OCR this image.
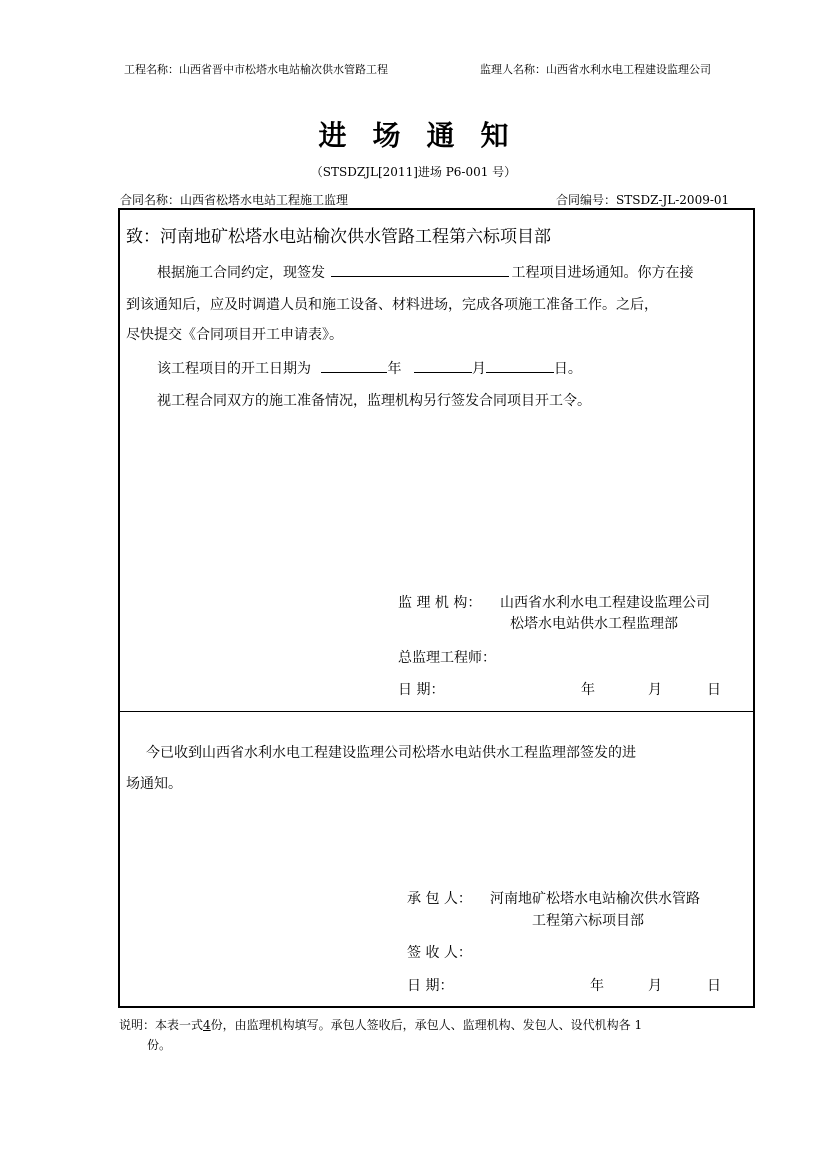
工程名称：山西省晋中市松塔水电站榆次供水管路工程	监理人名称：山西省水利水电工程建设监理公司
进场通知
（STSDZJL[2011]进场 P6-001 号）
合同名称：山西省松塔水电站工程施工监理	合同编号：STSDZ-JL-2009-01
致：河南地矿松塔水电站榆次供水管路工程第六标项目部
根据施工合同约定，现签发	工程项目进场通知。你方在接
到该通知后，应及时调遣人员和施工设备、材料进场，完成各项施工准备工作。之后，
尽快提交《合同项目开工申请表》。
该工程项目的开工日期为	年	月	日。
视工程合同双方的施工准备情况，监理机构另行签发合同项目开工令。
监 理 机 构： 山西省水利水电工程建设监理公司
松塔水电站供水工程监理部
总监理工程师：
日 期：	年	月	日
今已收到山西省水利水电工程建设监理公司松塔水电站供水工程监理部签发的进
场通知。
承 包 人： 河南地矿松塔水电站榆次供水管路
工程第六标项目部
签 收 人：
日 期：	年	月	日
说明：本表一式4份，由监理机构填写。承包人签收后，承包人、监理机构、发包人、设代机构各 1
份。
